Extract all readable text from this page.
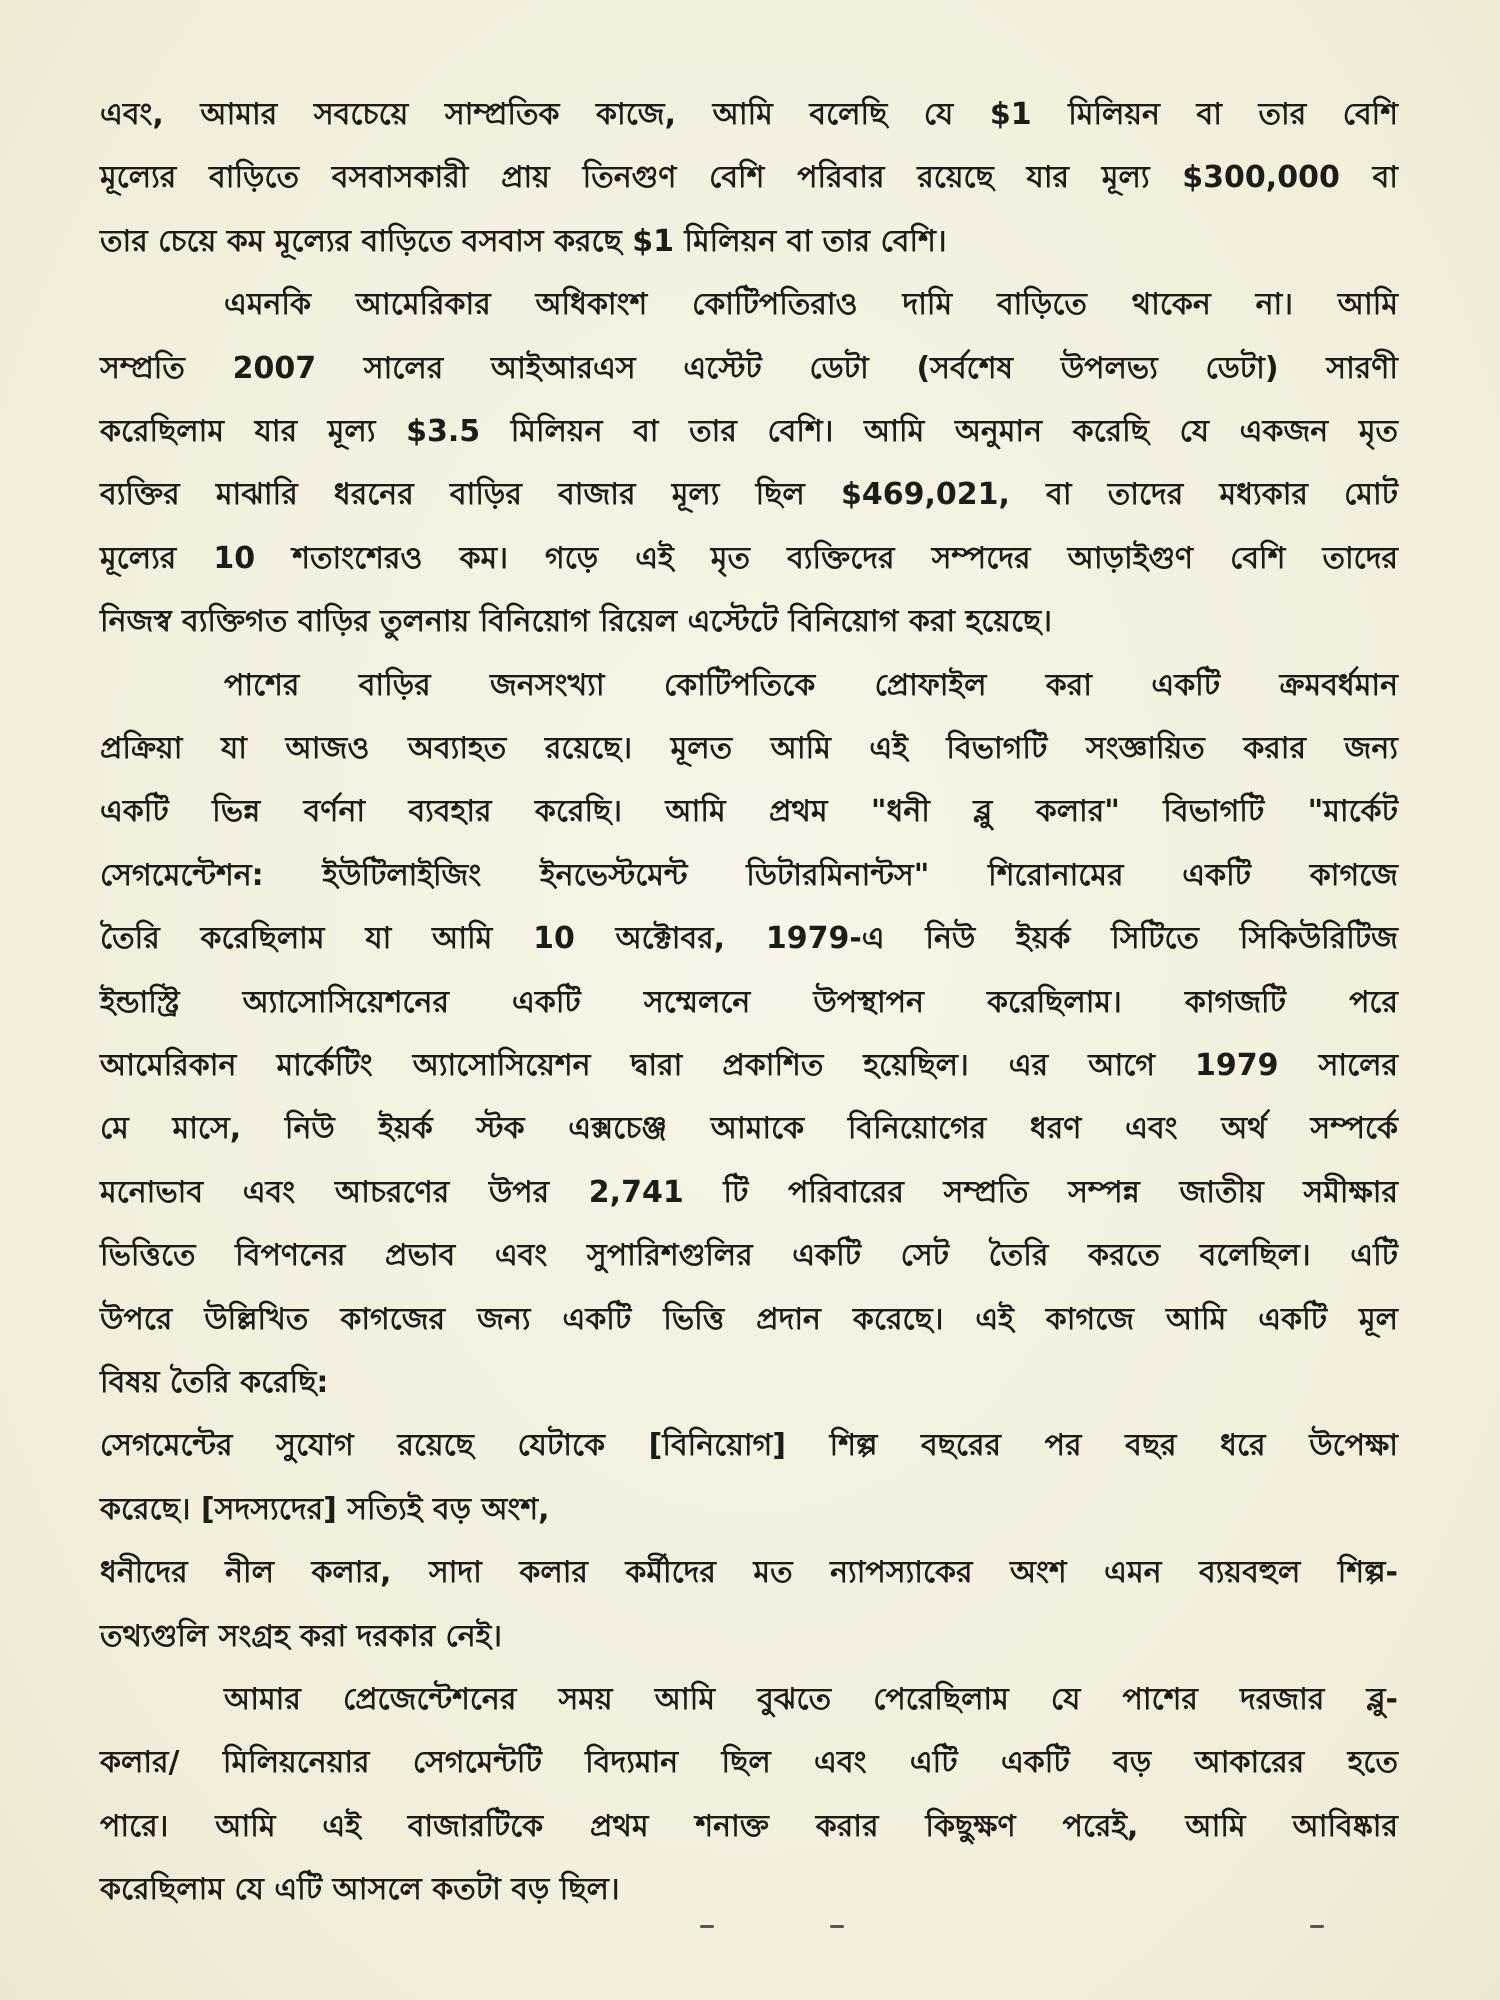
এবং, আমার সবচেয়ে সাম্প্রতিক কাজে, আমি বলেছি যে $1 মিলিয়ন বা তার বেশি
মূল্যের বাড়িতে বসবাসকারী প্রায় তিনগুণ বেশি পরিবার রয়েছে যার মূল্য $300,000 বা
তার চেয়ে কম মূল্যের বাড়িতে বসবাস করছে $1 মিলিয়ন বা তার বেশি।
এমনকি আমেরিকার অধিকাংশ কোটিপতিরাও দামি বাড়িতে থাকেন না। আমি
সম্প্রতি 2007 সালের আইআরএস এস্টেট ডেটা (সর্বশেষ উপলভ্য ডেটা) সারণী
করেছিলাম যার মূল্য $3.5 মিলিয়ন বা তার বেশি। আমি অনুমান করেছি যে একজন মৃত
ব্যক্তির মাঝারি ধরনের বাড়ির বাজার মূল্য ছিল $469,021, বা তাদের মধ্যকার মোট
মূল্যের 10 শতাংশেরও কম। গড়ে এই মৃত ব্যক্তিদের সম্পদের আড়াইগুণ বেশি তাদের
নিজস্ব ব্যক্তিগত বাড়ির তুলনায় বিনিয়োগ রিয়েল এস্টেটে বিনিয়োগ করা হয়েছে।
পাশের বাড়ির জনসংখ্যা কোটিপতিকে প্রোফাইল করা একটি ক্রমবর্ধমান
প্রক্রিয়া যা আজও অব্যাহত রয়েছে। মূলত আমি এই বিভাগটি সংজ্ঞায়িত করার জন্য
একটি ভিন্ন বর্ণনা ব্যবহার করেছি। আমি প্রথম "ধনী ব্লু কলার" বিভাগটি "মার্কেট
সেগমেন্টেশন: ইউটিলাইজিং ইনভেস্টমেন্ট ডিটারমিনান্টস" শিরোনামের একটি কাগজে
তৈরি করেছিলাম যা আমি 10 অক্টোবর, 1979-এ নিউ ইয়র্ক সিটিতে সিকিউরিটিজ
ইন্ডাস্ট্রি অ্যাসোসিয়েশনের একটি সম্মেলনে উপস্থাপন করেছিলাম। কাগজটি পরে
আমেরিকান মার্কেটিং অ্যাসোসিয়েশন দ্বারা প্রকাশিত হয়েছিল। এর আগে 1979 সালের
মে মাসে, নিউ ইয়র্ক স্টক এক্সচেঞ্জ আমাকে বিনিয়োগের ধরণ এবং অর্থ সম্পর্কে
মনোভাব এবং আচরণের উপর 2,741 টি পরিবারের সম্প্রতি সম্পন্ন জাতীয় সমীক্ষার
ভিত্তিতে বিপণনের প্রভাব এবং সুপারিশগুলির একটি সেট তৈরি করতে বলেছিল। এটি
উপরে উল্লিখিত কাগজের জন্য একটি ভিত্তি প্রদান করেছে। এই কাগজে আমি একটি মূল
বিষয় তৈরি করেছি:
সেগমেন্টের সুযোগ রয়েছে যেটাকে [বিনিয়োগ] শিল্প বছরের পর বছর ধরে উপেক্ষা
করেছে। [সদস্যদের] সত্যিই বড় অংশ,
ধনীদের নীল কলার, সাদা কলার কর্মীদের মত ন্যাপস্যাকের অংশ এমন ব্যয়বহুল শিল্প-
তথ্যগুলি সংগ্রহ করা দরকার নেই।
আমার প্রেজেন্টেশনের সময় আমি বুঝতে পেরেছিলাম যে পাশের দরজার ব্লু-
কলার/ মিলিয়নেয়ার সেগমেন্টটি বিদ্যমান ছিল এবং এটি একটি বড় আকারের হতে
পারে। আমি এই বাজারটিকে প্রথম শনাক্ত করার কিছুক্ষণ পরেই, আমি আবিষ্কার
করেছিলাম যে এটি আসলে কতটা বড় ছিল।
